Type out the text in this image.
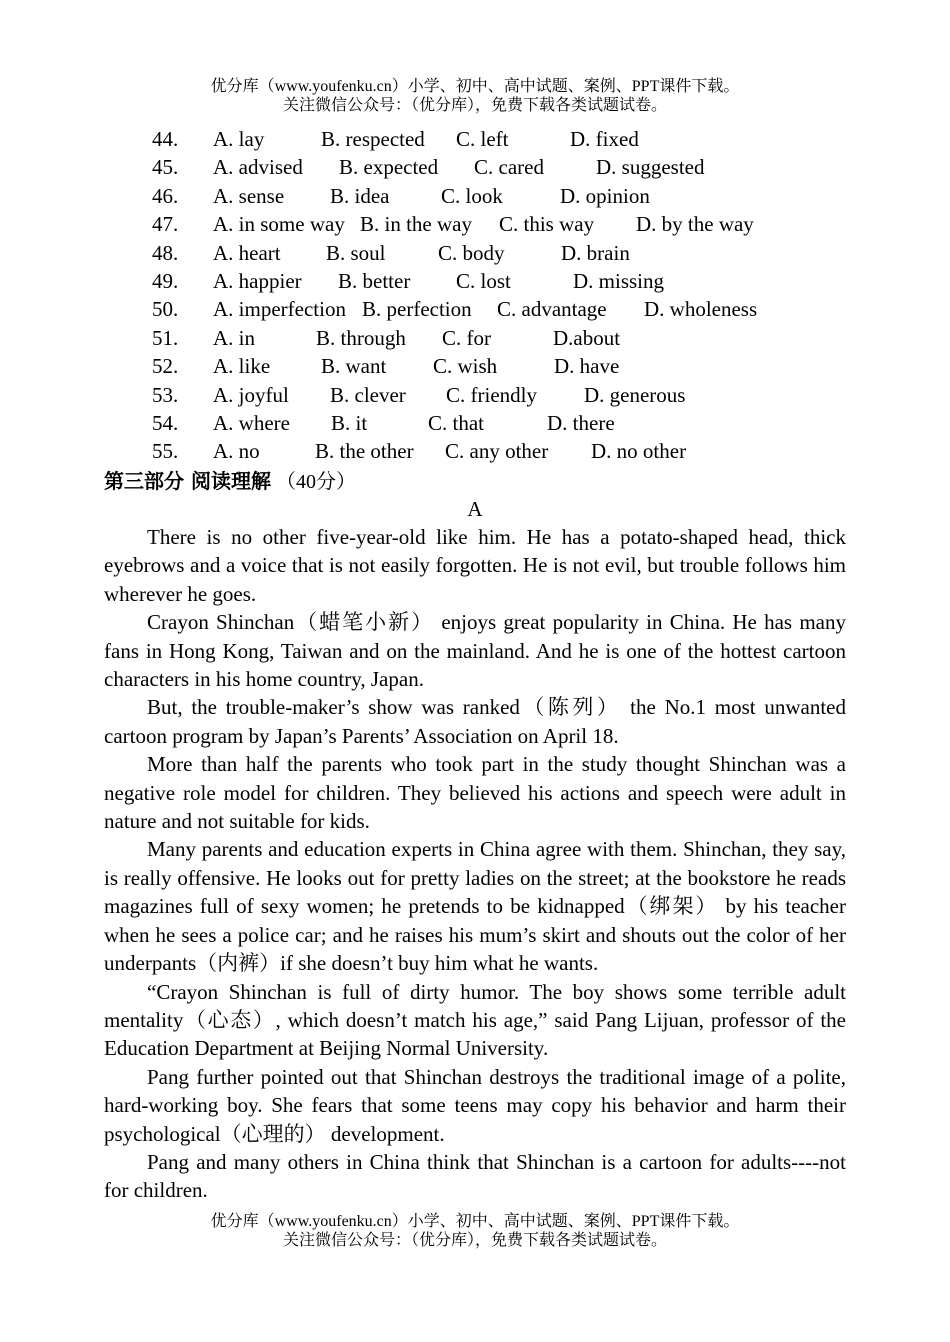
优分库（www.youfenku.cn）小学、初中、高中试题、案例、PPT课件下载。
关注微信公众号：（优分库），免费下载各类试题试卷。
44. A. lay	B. respected C. left	D. fixed
45. A. advised B. expected C. cared D. suggested
46. A. sense B. idea C. look	D. opinion
47. A. in some way B. in the way C. this way D. by the way
48. A. heart B. soul C. body	D. brain
49. A. happier B. better C. lost	D. missing
50. A. imperfection B. perfection C. advantage D. wholeness
51. A. in	B. through C. for	D.about
52. A. like B. want C. wish	D. have
53. A. joyful B. clever C. friendly D. generous
54. A. where B. it	C. that	D. there
55. A. no	B. the other C. any other D. no other
第三部分 阅读理解 （40分）
A

There is no other five-year-old like him. He has a potato-shaped head, thick eyebrows and a voice that is not easily forgotten. He is not evil, but trouble follows him wherever he goes.

Crayon Shinchan（蜡笔小新） enjoys great popularity in China. He has many fans in Hong Kong, Taiwan and on the mainland. And he is one of the hottest cartoon characters in his home country, Japan.

But, the trouble-maker’s show was ranked（陈列） the No.1 most unwanted cartoon program by Japan’s Parents’ Association on April 18.

More than half the parents who took part in the study thought Shinchan was a negative role model for children. They believed his actions and speech were adult in nature and not suitable for kids.

Many parents and education experts in China agree with them. Shinchan, they say, is really offensive. He looks out for pretty ladies on the street; at the bookstore he reads magazines full of sexy women; he pretends to be kidnapped（绑架） by his teacher when he sees a police car; and he raises his mum’s skirt and shouts out the color of her underpants（内裤）if she doesn’t buy him what he wants.

“Crayon Shinchan is full of dirty humor. The boy shows some terrible adult mentality（心态）, which doesn’t match his age,” said Pang Lijuan, professor of the Education Department at Beijing Normal University.

Pang further pointed out that Shinchan destroys the traditional image of a polite, hard-working boy. She fears that some teens may copy his behavior and harm their psychological（心理的） development.

Pang and many others in China think that Shinchan is a cartoon for adults----not for children.

优分库（www.youfenku.cn）小学、初中、高中试题、案例、PPT课件下载。
关注微信公众号：（优分库），免费下载各类试题试卷。
